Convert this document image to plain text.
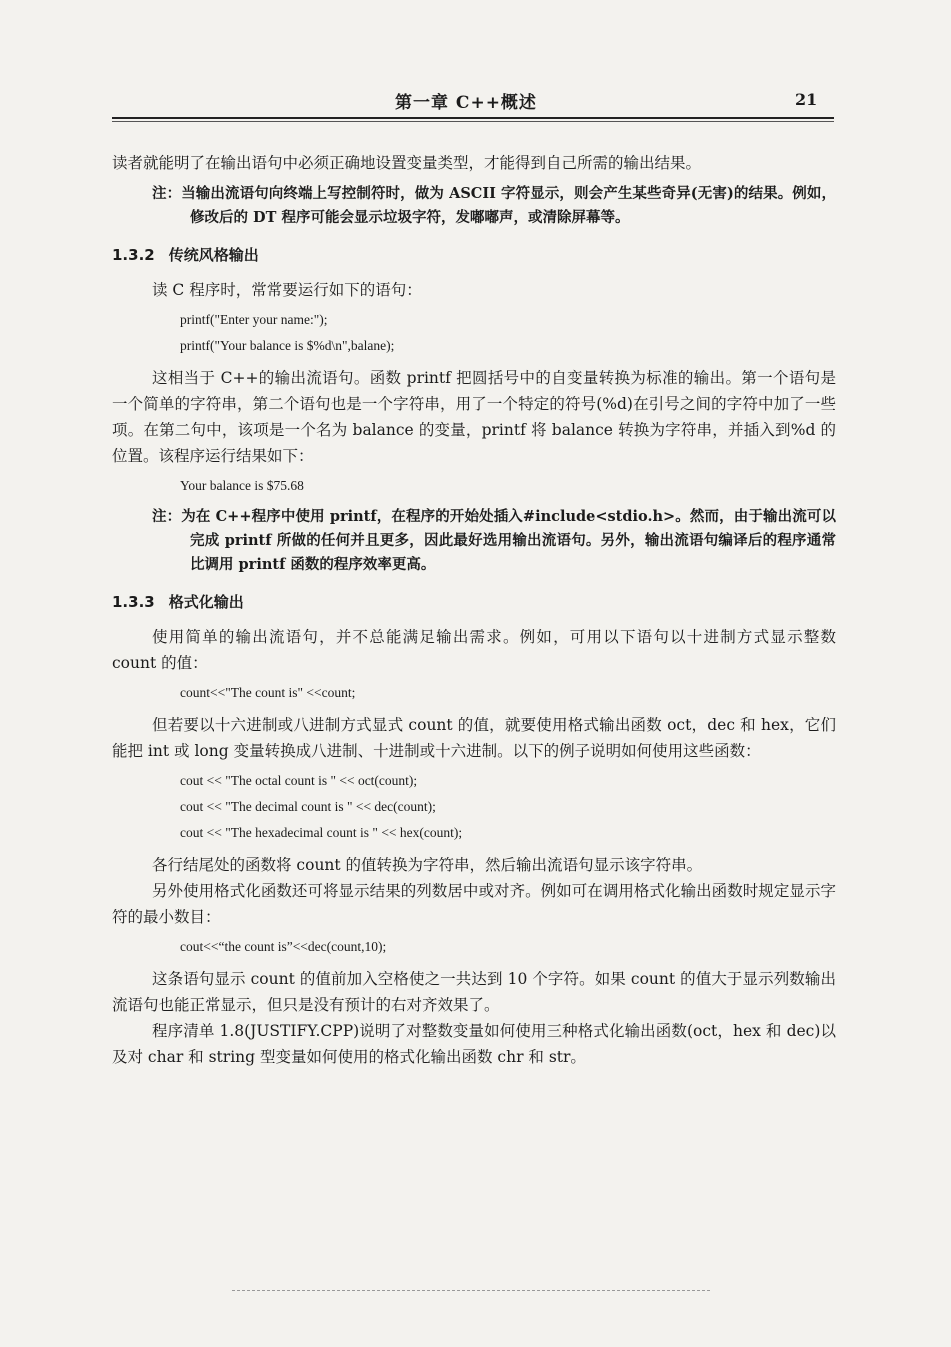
第一章 C++概述	21

读者就能明了在输出语句中必须正确地设置变量类型，才能得到自己所需的输出结果。

注：当输出流语句向终端上写控制符时，做为 ASCII 字符显示，则会产生某些奇异(无害)的结果。例如，修改后的 DT 程序可能会显示垃圾字符，发嘟嘟声，或清除屏幕等。
1.3.2 传统风格输出

读 C 程序时，常常要运行如下的语句：

printf("Enter your name:");
printf("Your balance is $%d\n",balane);

这相当于 C++的输出流语句。函数 printf 把圆括号中的自变量转换为标准的输出。第一个语句是一个简单的字符串，第二个语句也是一个字符串，用了一个特定的符号(%d)在引号之间的字符中加了一些项。在第二句中，该项是一个名为 balance 的变量，printf 将 balance 转换为字符串，并插入到%d 的位置。该程序运行结果如下：

Your balance is $75.68
注：为在 C++程序中使用 printf，在程序的开始处插入#include<stdio.h>。然而，由于输出流可以完成 printf 所做的任何并且更多，因此最好选用输出流语句。另外，输出流语句编译后的程序通常比调用 printf 函数的程序效率更高。
1.3.3 格式化输出

使用简单的输出流语句，并不总能满足输出需求。例如，可用以下语句以十进制方式显示整数 count 的值：

count<<"The count is" <<count;

但若要以十六进制或八进制方式显式 count 的值，就要使用格式输出函数 oct，dec 和 hex，它们能把 int 或 long 变量转换成八进制、十进制或十六进制。以下的例子说明如何使用这些函数：

cout << "The octal count is " << oct(count);
cout << "The decimal count is " << dec(count);
cout << "The hexadecimal count is " << hex(count);

各行结尾处的函数将 count 的值转换为字符串，然后输出流语句显示该字符串。

另外使用格式化函数还可将显示结果的列数居中或对齐。例如可在调用格式化输出函数时规定显示字符的最小数目：

cout<<“the count is”<<dec(count,10);

这条语句显示 count 的值前加入空格使之一共达到 10 个字符。如果 count 的值大于显示列数输出流语句也能正常显示，但只是没有预计的右对齐效果了。

程序清单 1.8(JUSTIFY.CPP)说明了对整数变量如何使用三种格式化输出函数(oct，hex 和 dec)以及对 char 和 string 型变量如何使用的格式化输出函数 chr 和 str。
